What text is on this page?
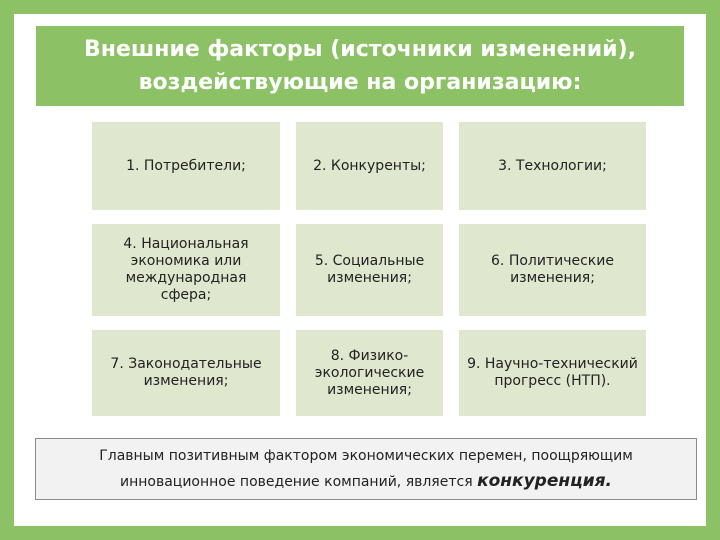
Внешние факторы (источники изменений), воздействующие на организацию:
1. Потребители;	2. Конкуренты;	3. Технологии;
4. Национальная экономика или международная сфера;
5. Социальные изменения;
6. Политические изменения;
7. Законодательные изменения;
8. Физико-экологические изменения;
9. Научно-технический прогресс (НТП).
Главным позитивным фактором экономических перемен, поощряющим инновационное поведение компаний, является конкуренция.
